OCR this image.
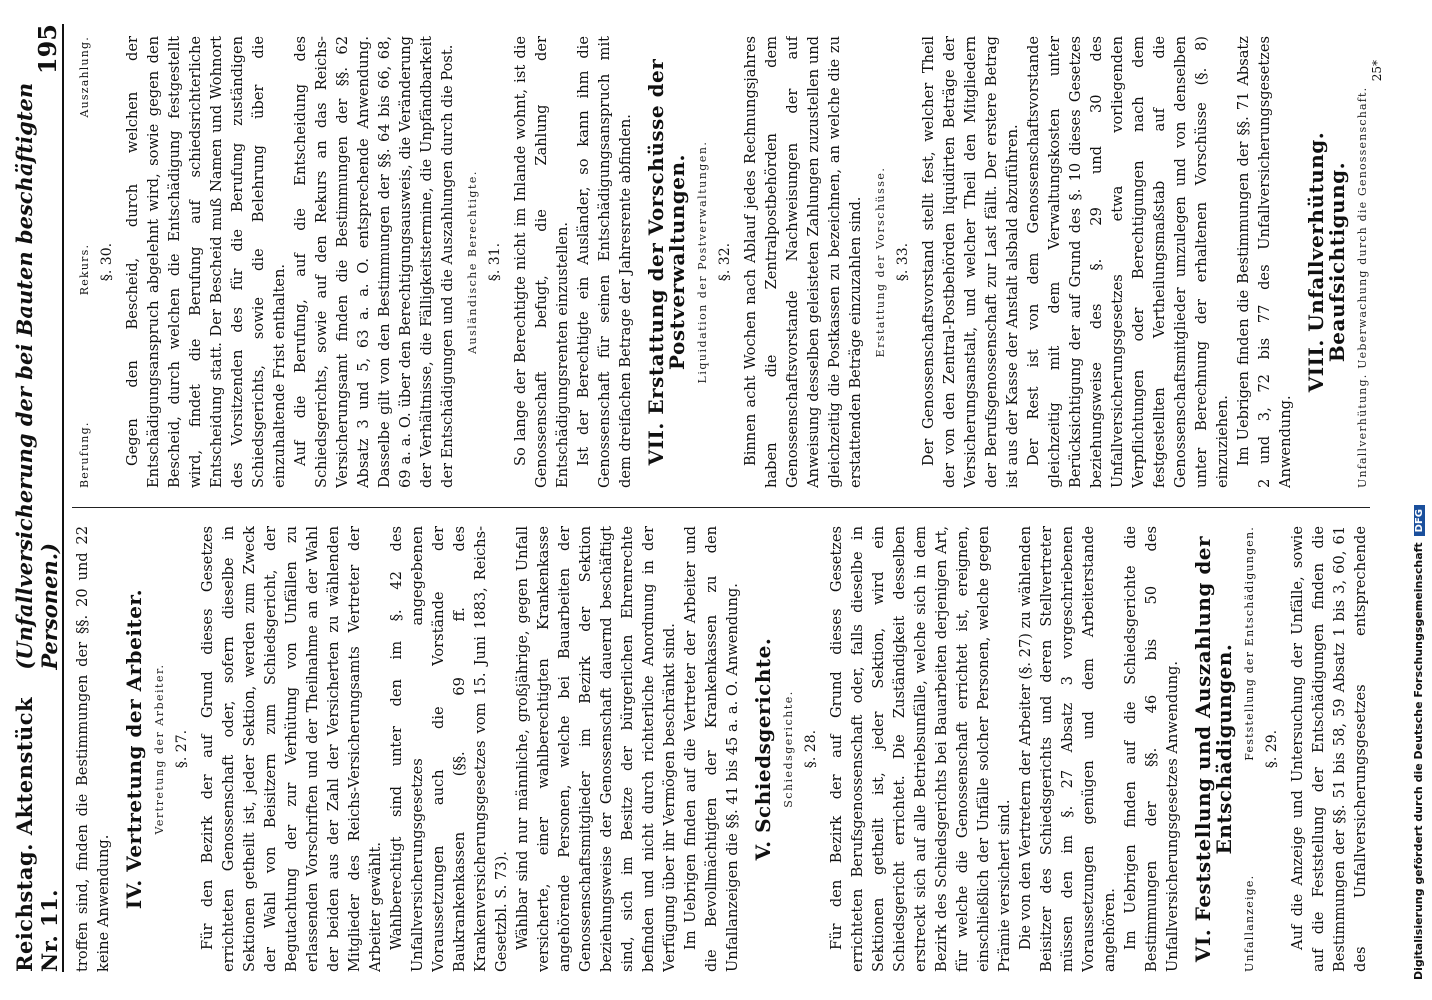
Reichstag. Aktenstück Nr. 11.
(Unfallversicherung der bei Bauten beschäftigten Personen.)
195

troffen sind, finden die Bestimmungen der §§. 20 und 22 keine Anwendung. IV. Vertretung der Arbeiter. Vertretung der Arbeiter. §. 27. Für den Bezirk der auf Grund dieses Gesetzes errichteten Genossenschaft oder, sofern dieselbe in Sektionen getheilt ist, jeder Sektion, werden zum Zweck der Wahl von Beisitzern zum Schiedsgericht, der Begutachtung der zur Verhütung von Unfällen zu erlassenden Vorschriften und der Theilnahme an der Wahl der beiden aus der Zahl der Versicherten zu wählenden Mitglieder des Reichs-Versicherungsamts Vertreter der Arbeiter gewählt. Wahlberechtigt sind unter den im §. 42 des Unfallversicherungsgesetzes angegebenen Voraussetzungen auch die Vorstände der Baukrankenkassen (§§. 69 ff. des Krankenversicherungsgesetzes vom 15. Juni 1883, Reichs-Gesetzbl. S. 73). Wählbar sind nur männliche, großjährige, gegen Unfall versicherte, einer wahlberechtigten Krankenkasse angehörende Personen, welche bei Bauarbeiten der Genossenschaftsmitglieder im Bezirk der Sektion beziehungsweise der Genossenschaft dauernd beschäftigt sind, sich im Besitze der bürgerlichen Ehrenrechte befinden und nicht durch richterliche Anordnung in der Verfügung über ihr Vermögen beschränkt sind. Im Uebrigen finden auf die Vertreter der Arbeiter und die Bevollmächtigten der Krankenkassen zu den Unfallanzeigen die §§. 41 bis 45 a. a. O. Anwendung. V. Schiedsgerichte. Schiedsgerichte. §. 28. Für den Bezirk der auf Grund dieses Gesetzes errichteten Berufsgenossenschaft oder, falls dieselbe in Sektionen getheilt ist, jeder Sektion, wird ein Schiedsgericht errichtet. Die Zuständigkeit desselben erstreckt sich auf alle Betriebsunfälle, welche sich in dem Bezirk des Schiedsgerichts bei Bauarbeiten derjenigen Art, für welche die Genossenschaft errichtet ist, ereignen, einschließlich der Unfälle solcher Personen, welche gegen Prämie versichert sind. Die von den Vertretern der Arbeiter (§. 27) zu wählenden Beisitzer des Schiedsgerichts und deren Stellvertreter müssen den im §. 27 Absatz 3 vorgeschriebenen Voraussetzungen genügen und dem Arbeiterstande angehören. Im Uebrigen finden auf die Schiedsgerichte die Bestimmungen der §§. 46 bis 50 des Unfallversicherungsgesetzes Anwendung. VI. Feststellung und Auszahlung der Entschädigungen.
Unfallanzeige.
Feststellung der Entschädigungen. §. 29.

Auf die Anzeige und Untersuchung der Unfälle, sowie auf die Feststellung der Entschädigungen finden die Bestimmungen der §§. 51 bis 58, 59 Absatz 1 bis 3, 60, 61 des Unfallversicherungsgesetzes entsprechende

Berufung.
Rekurs.
Auszahlung.
§. 30. Gegen den Bescheid, durch welchen der Entschädigungsanspruch abgelehnt wird, sowie gegen den Bescheid, durch welchen die Entschädigung festgestellt wird, findet die Berufung auf schiedsrichterliche Entscheidung statt. Der Bescheid muß Namen und Wohnort des Vorsitzenden des für die Berufung zuständigen Schiedsgerichts, sowie die Belehrung über die einzuhaltende Frist enthalten. Auf die Berufung, auf die Entscheidung des Schiedsgerichts, sowie auf den Rekurs an das Reichs-Versicherungsamt finden die Bestimmungen der §§. 62 Absatz 3 und 5, 63 a. a. O. entsprechende Anwendung. Dasselbe gilt von den Bestimmungen der §§. 64 bis 66, 68, 69 a. a. O. über den Berechtigungsausweis, die Veränderung der Verhältnisse, die Fälligkeitstermine, die Unpfändbarkeit der Entschädigungen und die Auszahlungen durch die Post. Ausländische Berechtigte. §. 31. So lange der Berechtigte nicht im Inlande wohnt, ist die Genossenschaft befugt, die Zahlung der Entschädigungsrenten einzustellen. Ist der Berechtigte ein Ausländer, so kann ihm die Genossenschaft für seinen Entschädigungsanspruch mit dem dreifachen Betrage der Jahresrente abfinden. VII. Erstattung der Vorschüsse der Postverwaltungen. Liquidation der Postverwaltungen. §. 32. Binnen acht Wochen nach Ablauf jedes Rechnungsjahres haben die Zentralpostbehörden dem Genossenschaftsvorstande Nachweisungen der auf Anweisung desselben geleisteten Zahlungen zuzustellen und gleichzeitig die Postkassen zu bezeichnen, an welche die zu erstattenden Beträge einzuzahlen sind. Erstattung der Vorschüsse. §. 33. Der Genossenschaftsvorstand stellt fest, welcher Theil der von den Zentral-Postbehörden liquidirten Beträge der Versicherungsanstalt, und welcher Theil den Mitgliedern der Berufsgenossenschaft zur Last fällt. Der erstere Betrag ist aus der Kasse der Anstalt alsbald abzuführen. Der Rest ist von dem Genossenschaftsvorstande gleichzeitig mit dem Verwaltungskosten unter Berücksichtigung der auf Grund des §. 10 dieses Gesetzes beziehungsweise des §. 29 und 30 des Unfallversicherungsgesetzes etwa vorliegenden Verpflichtungen oder Berechtigungen nach dem festgestellten Vertheilungsmaßstab auf die Genossenschaftsmitglieder umzulegen und von denselben unter Berechnung der erhaltenen Vorschüsse (§. 8) einzuziehen. Im Uebrigen finden die Bestimmungen der §§. 71 Absatz 2 und 3, 72 bis 77 des Unfallversicherungsgesetzes Anwendung.

VIII. Unfallverhütung. Beaufsichtigung. Unfallverhütung. Ueberwachung durch die Genossenschaft.

25*
Digitalisierung gefördert durch die Deutsche ForschungsgemeinschaftDFG
